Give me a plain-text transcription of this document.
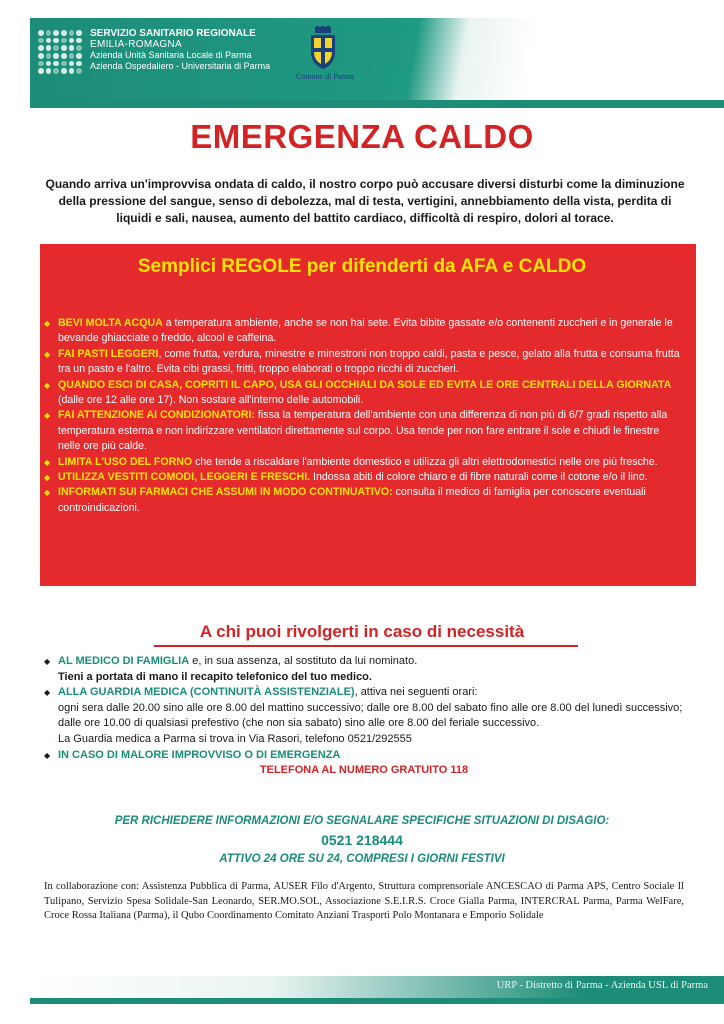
SERVIZIO SANITARIO REGIONALE
EMILIA-ROMAGNA
Azienda Unità Sanitaria Locale di Parma
Azienda Ospedaliero - Universitaria di Parma
Comune di Parma
EMERGENZA CALDO
Quando arriva un'improvvisa ondata di caldo, il nostro corpo può accusare diversi disturbi come la diminuzione della pressione del sangue, senso di debolezza, mal di testa, vertigini, annebbiamento della vista, perdita di liquidi e sali, nausea, aumento del battito cardiaco, difficoltà di respiro, dolori al torace.
Semplici REGOLE per difenderti da AFA e CALDO
◆ BEVI MOLTA ACQUA a temperatura ambiente, anche se non hai sete. Evita bibite gassate e/o contenenti zuccheri e in generale le bevande ghiacciate o freddo, alcool e caffeina.
◆ FAI PASTI LEGGERI, come frutta, verdura, minestre e minestroni non troppo caldi, pasta e pesce, gelato alla frutta e consuma frutta tra un pasto e l'altro. Evita cibi grassi, fritti, troppo elaborati o troppo ricchi di zuccheri.
◆ QUANDO ESCI DI CASA, COPRITI IL CAPO, USA GLI OCCHIALI DA SOLE ED EVITA LE ORE CENTRALI DELLA GIORNATA (dalle ore 12 alle ore 17). Non sostare all'interno delle automobili.
◆ FAI ATTENZIONE AI CONDIZIONATORI: fissa la temperatura dell'ambiente con una differenza di non più di 6/7 gradi rispetto alla temperatura esterna e non indirizzare ventilatori direttamente sul corpo. Usa tende per non fare entrare il sole e chiudi le finestre nelle ore più calde.
◆ LIMITA L'USO DEL FORNO che tende a riscaldare l'ambiente domestico e utilizza gli altri elettrodomestici nelle ore più fresche.
◆ UTILIZZA VESTITI COMODI, LEGGERI E FRESCHI. Indossa abiti di colore chiaro e di fibre naturali come il cotone e/o il lino.
◆ INFORMATI SUI FARMACI CHE ASSUMI IN MODO CONTINUATIVO: consulta il medico di famiglia per conoscere eventuali controindicazioni.
A chi puoi rivolgerti in caso di necessità
◆ AL MEDICO DI FAMIGLIA e, in sua assenza, al sostituto da lui nominato.
Tieni a portata di mano il recapito telefonico del tuo medico.
◆ ALLA GUARDIA MEDICA (CONTINUITÀ ASSISTENZIALE), attiva nei seguenti orari:
ogni sera dalle 20.00 sino alle ore 8.00 del mattino successivo; dalle ore 8.00 del sabato fino alle ore 8.00 del lunedì successivo; dalle ore 10.00 di qualsiasi prefestivo (che non sia sabato) sino alle ore 8.00 del feriale successivo.
La Guardia medica a Parma si trova in Via Rasori, telefono 0521/292555
◆ IN CASO DI MALORE IMPROVVISO O DI EMERGENZA
TELEFONA AL NUMERO GRATUITO 118
PER RICHIEDERE INFORMAZIONI E/O SEGNALARE SPECIFICHE SITUAZIONI DI DISAGIO:
0521 218444
ATTIVO 24 ORE SU 24, COMPRESI I GIORNI FESTIVI
In collaborazione con: Assistenza Pubblica di Parma, AUSER Filo d'Argento, Struttura comprensoriale ANCESCAO di Parma APS, Centro Sociale Il Tulipano, Servizio Spesa Solidale-San Leonardo, SER.MO.SOL, Associazione S.E.I.R.S. Croce Gialla Parma, INTERCRAL Parma, Parma WelFare, Croce Rossa Italiana (Parma), il Qubo Coordinamento Comitato Anziani Trasporti Polo Montanara e Emporio Solidale
URP - Distretto di Parma - Azienda USL di Parma
